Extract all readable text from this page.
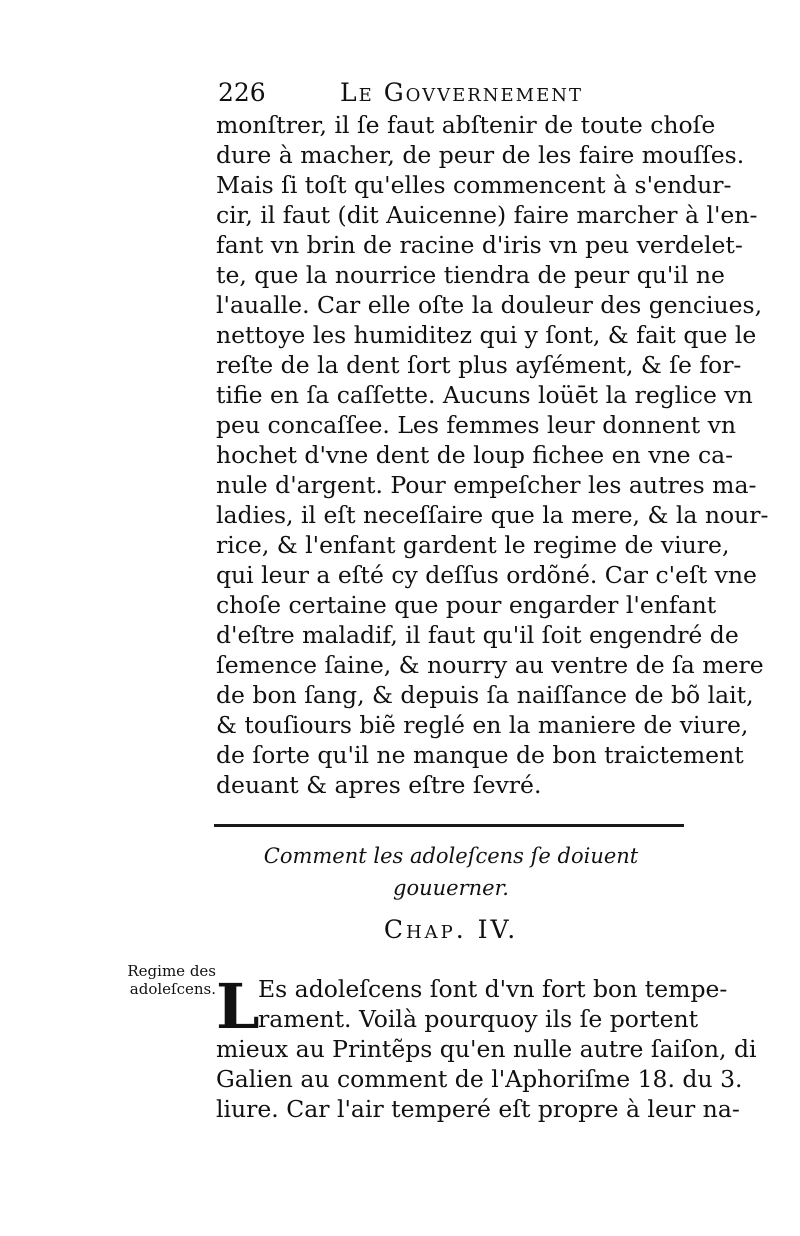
226	Le Govvernement
monſtrer, il ſe faut abſtenir de toute choſe
dure à macher, de peur de les faire mouſſes.
Mais ſi toſt qu'elles commencent à s'endur-
cir, il faut (dit Auicenne) faire marcher à l'en-
fant vn brin de racine d'iris vn peu verdelet-
te, que la nourrice tiendra de peur qu'il ne
l'aualle. Car elle oſte la douleur des genciues,
nettoye les humiditez qui y ſont, & fait que le
reſte de la dent ſort plus ayſément, & ſe for-
tifie en ſa caſſette. Aucuns loüēt la reglice vn
peu concaſſee. Les femmes leur donnent vn
hochet d'vne dent de loup fichee en vne ca-
nule d'argent. Pour empeſcher les autres ma-
ladies, il eſt neceſſaire que la mere, & la nour-
rice, & l'enfant gardent le regime de viure,
qui leur a eſté cy deſſus ordõné. Car c'eſt vne
choſe certaine que pour engarder l'enfant
d'eſtre maladif, il faut qu'il ſoit engendré de
ſemence ſaine, & nourry au ventre de ſa mere
de bon ſang, & depuis ſa naiſſance de bõ lait,
& touſiours biẽ reglé en la maniere de viure,
de ſorte qu'il ne manque de bon traictement
deuant & apres eſtre ſevré.
Comment les adoleſcens ſe doiuent
gouuerner.
Chap. IV.
Regime des
adoleſcens. L
Es adoleſcens ſont d'vn fort bon tempe-
rament. Voilà pourquoy ils ſe portent
mieux au Printẽps qu'en nulle autre ſaiſon, di
Galien au comment de l'Aphoriſme 18. du 3.
liure. Car l'air temperé eſt propre à leur na-
